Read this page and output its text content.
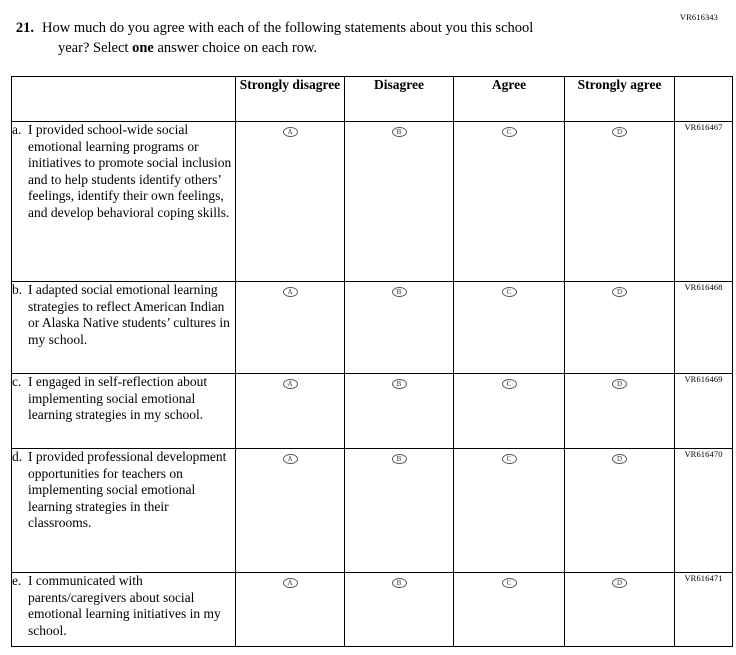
VR616343
21. How much do you agree with each of the following statements about you this school
year? Select one answer choice on each row.
	Strongly disagree	Disagree	Agree	Strongly agree	

a. I provided school-wide social emotional learning programs or initiatives to promote social inclusion and to help students identify others’ feelings, identify their own feelings, and develop behavioral coping skills.	A	B	C	D	VR616467

b. I adapted social emotional learning strategies to reflect American Indian or Alaska Native students’ cultures in my school.	A	B	C	D	VR616468

c. I engaged in self-reflection about implementing social emotional learning strategies in my school.	A	B	C	D	VR616469

d. I provided professional development opportunities for teachers on implementing social emotional learning strategies in their classrooms.	A	B	C	D	VR616470

e. I communicated with parents/caregivers about social emotional learning initiatives in my school.	A	B	C	D	VR616471
